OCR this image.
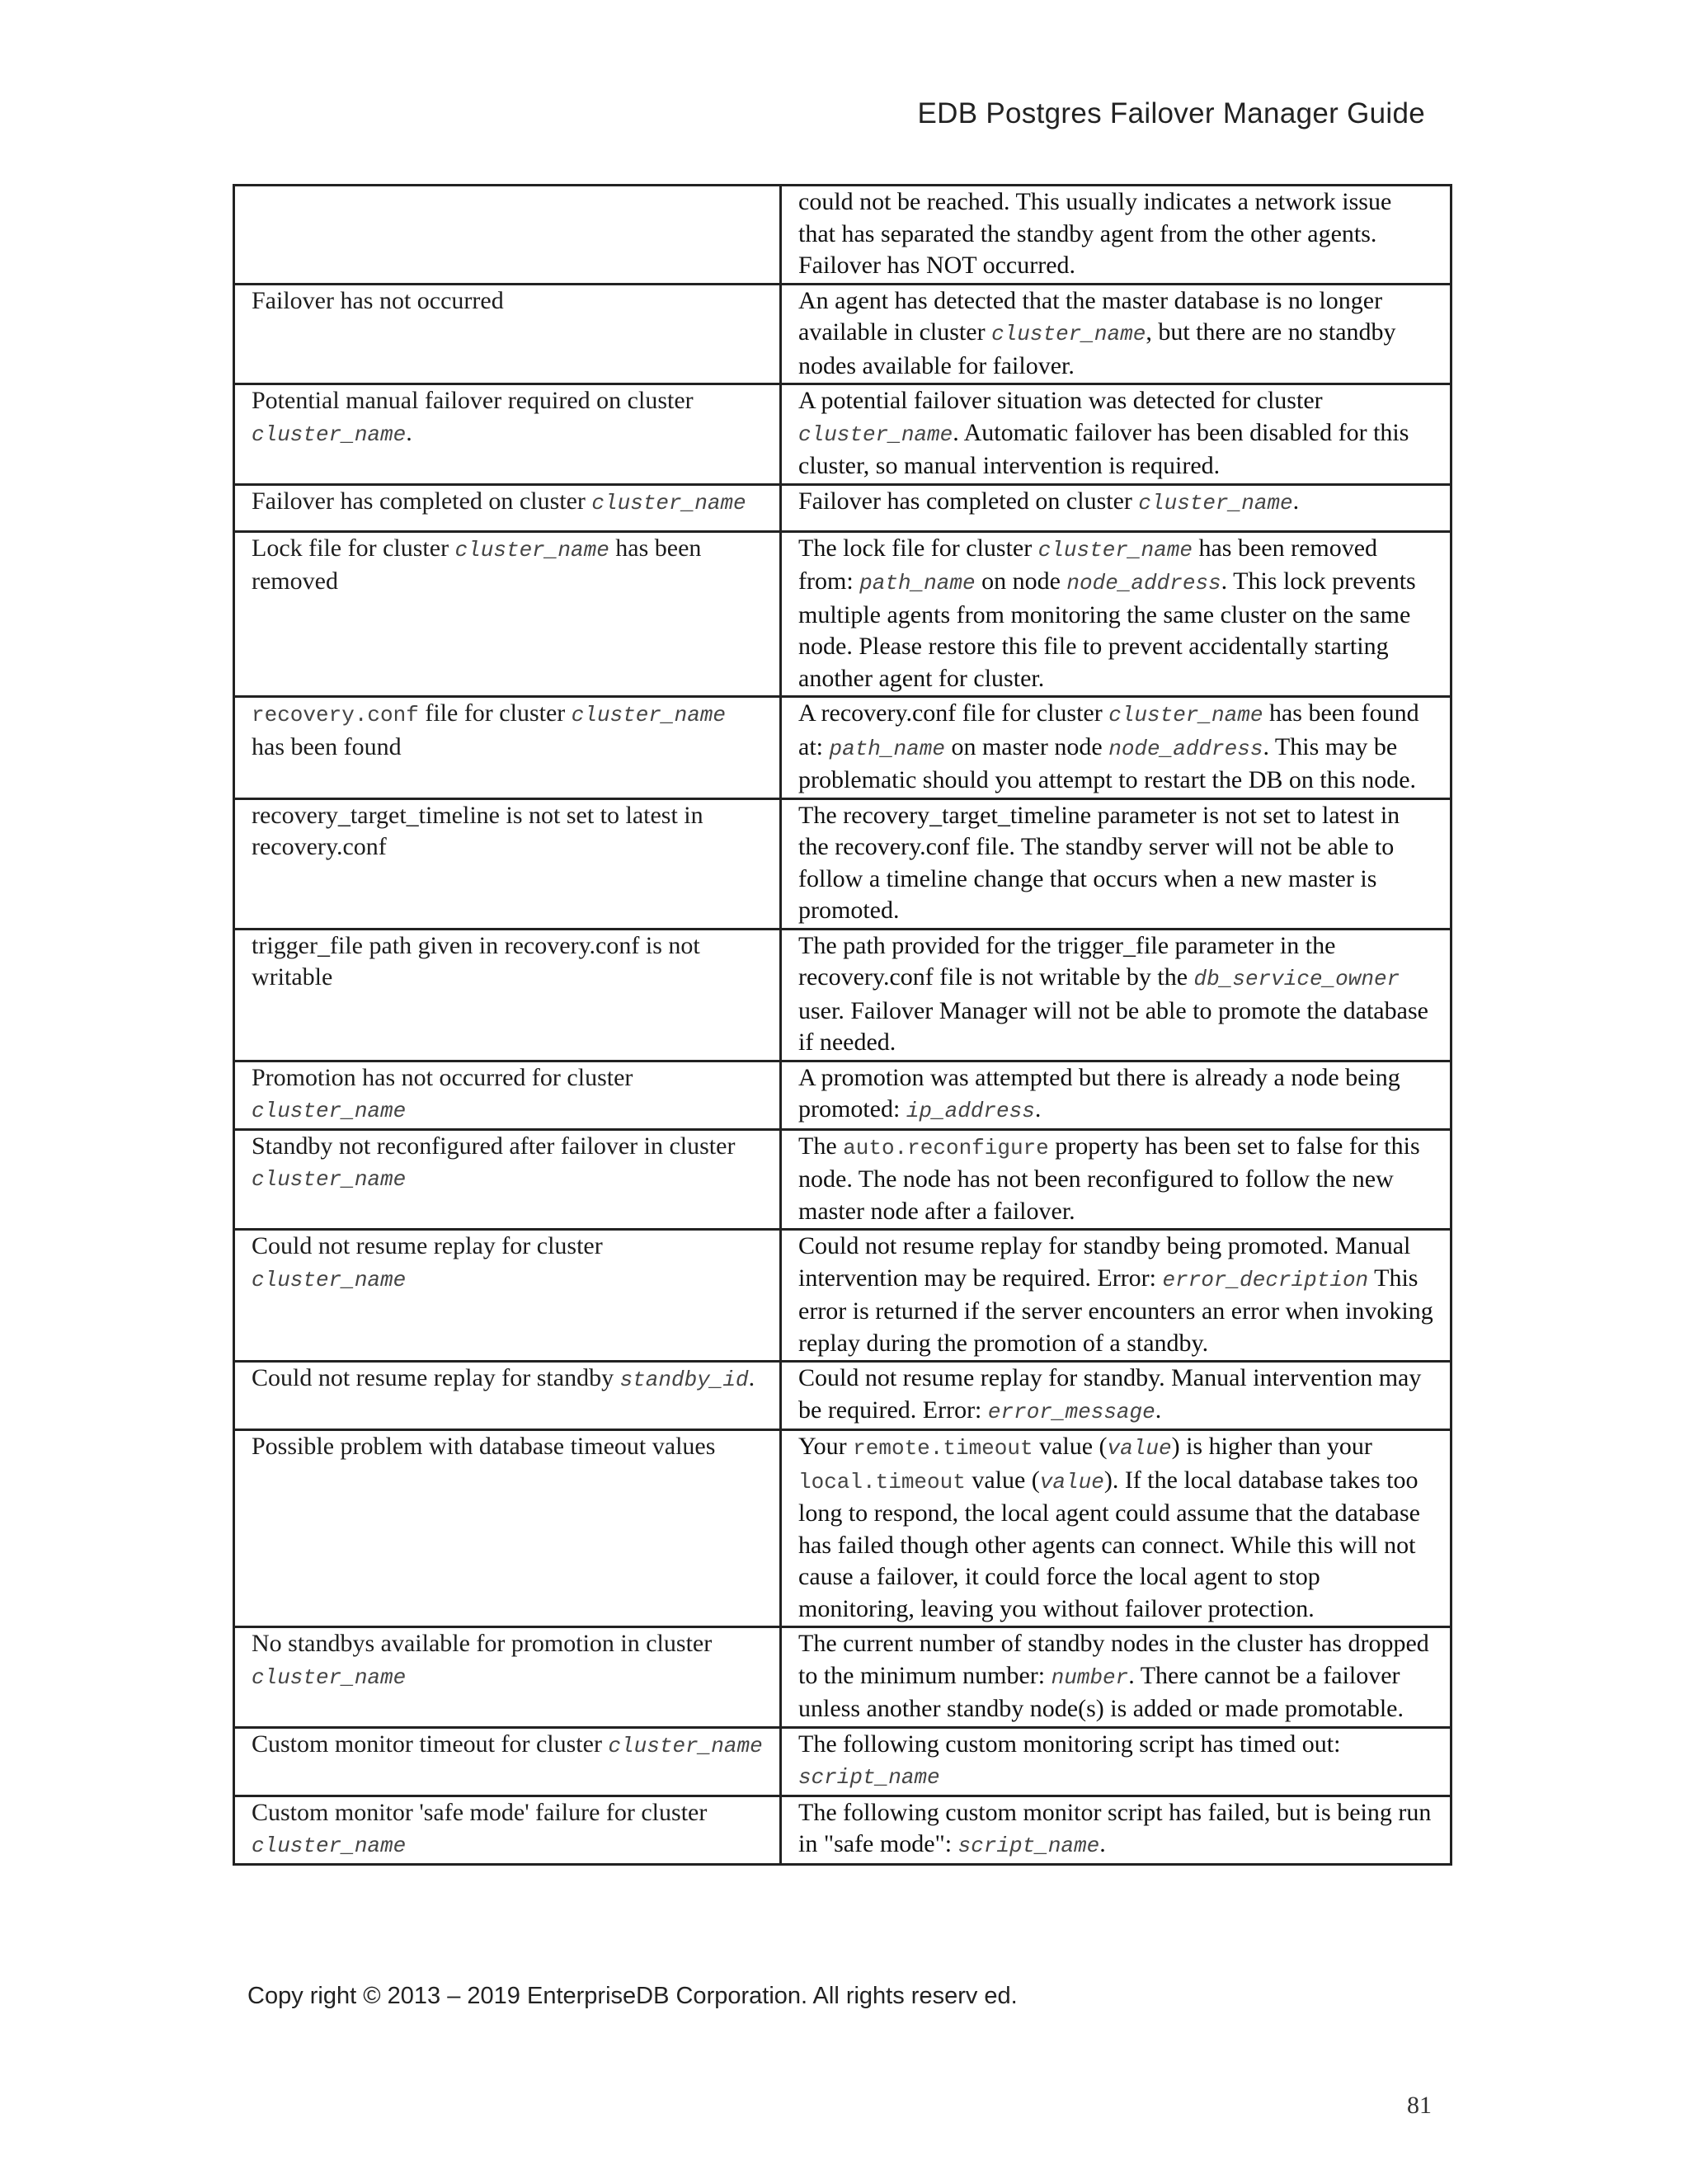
EDB Postgres Failover Manager Guide
	could not be reached. This usually indicates a network issue that has separated the standby agent from the other agents. Failover has NOT occurred.
Failover has not occurred	An agent has detected that the master database is no longer available in cluster cluster_name, but there are no standby nodes available for failover.
Potential manual failover required on cluster cluster_name.	A potential failover situation was detected for cluster cluster_name. Automatic failover has been disabled for this cluster, so manual intervention is required.
Failover has completed on cluster cluster_name	Failover has completed on cluster cluster_name.
Lock file for cluster cluster_name has been removed	The lock file for cluster cluster_name has been removed from: path_name on node node_address. This lock prevents multiple agents from monitoring the same cluster on the same node. Please restore this file to prevent accidentally starting another agent for cluster.
recovery.conf file for cluster cluster_name has been found	A recovery.conf file for cluster cluster_name has been found at: path_name on master node node_address. This may be problematic should you attempt to restart the DB on this node.
recovery_target_timeline is not set to latest in recovery.conf	The recovery_target_timeline parameter is not set to latest in the recovery.conf file. The standby server will not be able to follow a timeline change that occurs when a new master is promoted.
trigger_file path given in recovery.conf is not writable	The path provided for the trigger_file parameter in the recovery.conf file is not writable by the db_service_owner user. Failover Manager will not be able to promote the database if needed.
Promotion has not occurred for cluster cluster_name	A promotion was attempted but there is already a node being promoted: ip_address.
Standby not reconfigured after failover in cluster cluster_name	The auto.reconfigure property has been set to false for this node. The node has not been reconfigured to follow the new master node after a failover.
Could not resume replay for cluster cluster_name	Could not resume replay for standby being promoted. Manual intervention may be required. Error: error_decription This error is returned if the server encounters an error when invoking replay during the promotion of a standby.
Could not resume replay for standby standby_id.	Could not resume replay for standby. Manual intervention may be required. Error: error_message.
Possible problem with database timeout values	Your remote.timeout value (value) is higher than your local.timeout value (value). If the local database takes too long to respond, the local agent could assume that the database has failed though other agents can connect. While this will not cause a failover, it could force the local agent to stop monitoring, leaving you without failover protection.
No standbys available for promotion in cluster cluster_name	The current number of standby nodes in the cluster has dropped to the minimum number: number. There cannot be a failover unless another standby node(s) is added or made promotable.
Custom monitor timeout for cluster cluster_name	The following custom monitoring script has timed out: script_name
Custom monitor 'safe mode' failure for cluster cluster_name	The following custom monitor script has failed, but is being run in "safe mode": script_name.
Copy right © 2013 – 2019 EnterpriseDB Corporation. All rights reserv ed.
81
